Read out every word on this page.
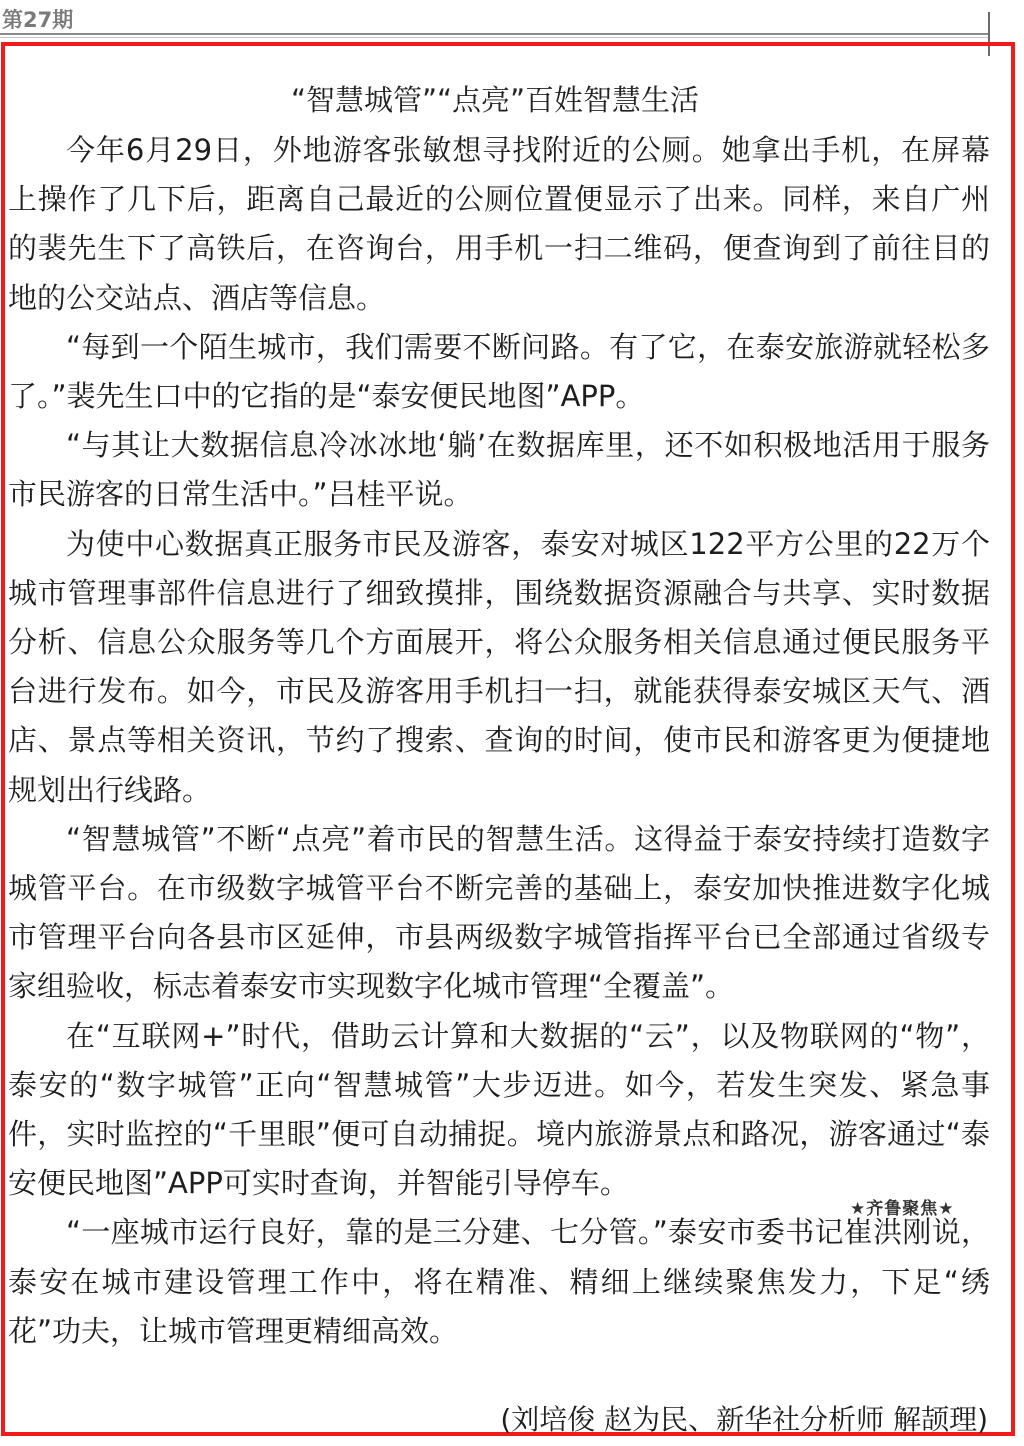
第27期
“智慧城管”“点亮”百姓智慧生活

今年6月29日，外地游客张敏想寻找附近的公厕。她拿出手机，在屏幕上操作了几下后，距离自己最近的公厕位置便显示了出来。同样，来自广州的裴先生下了高铁后，在咨询台，用手机一扫二维码，便查询到了前往目的地的公交站点、酒店等信息。

“每到一个陌生城市，我们需要不断问路。有了它，在泰安旅游就轻松多了。”裴先生口中的它指的是“泰安便民地图”APP。

“与其让大数据信息冷冰冰地‘躺’在数据库里，还不如积极地活用于服务市民游客的日常生活中。”吕桂平说。

为使中心数据真正服务市民及游客，泰安对城区122平方公里的22万个城市管理事部件信息进行了细致摸排，围绕数据资源融合与共享、实时数据分析、信息公众服务等几个方面展开，将公众服务相关信息通过便民服务平台进行发布。如今，市民及游客用手机扫一扫，就能获得泰安城区天气、酒店、景点等相关资讯，节约了搜索、查询的时间，使市民和游客更为便捷地规划出行线路。

“智慧城管”不断“点亮”着市民的智慧生活。这得益于泰安持续打造数字城管平台。在市级数字城管平台不断完善的基础上，泰安加快推进数字化城市管理平台向各县市区延伸，市县两级数字城管指挥平台已全部通过省级专家组验收，标志着泰安市实现数字化城市管理“全覆盖”。

在“互联网+”时代，借助云计算和大数据的“云”，以及物联网的“物”，泰安的“数字城管”正向“智慧城管”大步迈进。如今，若发生突发、紧急事件，实时监控的“千里眼”便可自动捕捉。境内旅游景点和路况，游客通过“泰安便民地图”APP可实时查询，并智能引导停车。

“一座城市运行良好，靠的是三分建、七分管。”泰安市委书记崔洪刚说，泰安在城市建设管理工作中，将在精准、精细上继续聚焦发力，下足“绣花”功夫，让城市管理更精细高效。

★齐鲁聚焦★
(刘培俊 赵为民、新华社分析师 解颉理)
